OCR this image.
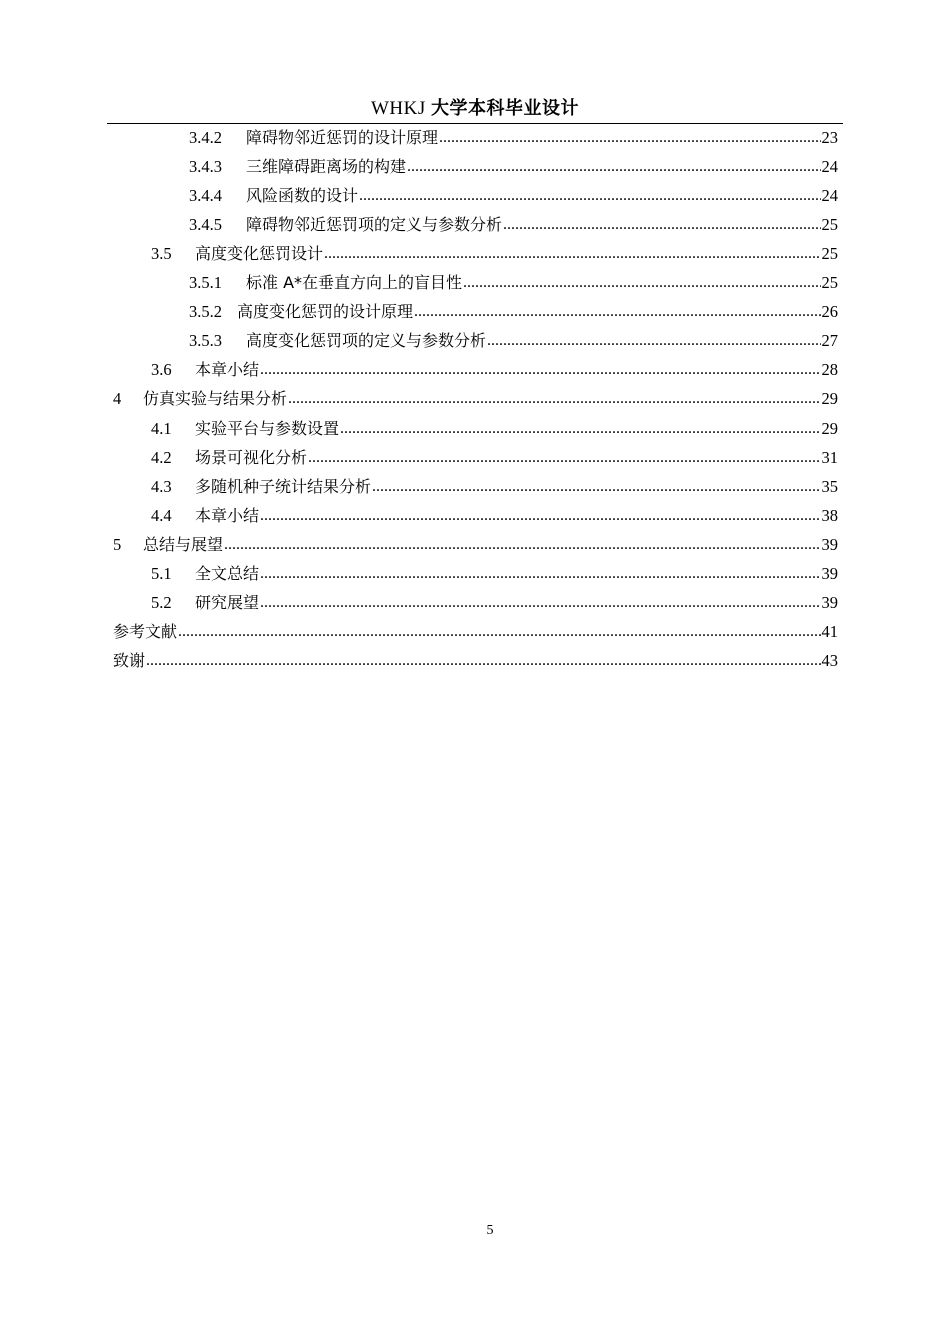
WHKJ 大学本科毕业设计
3.4.2	障碍物邻近惩罚的设计原理 .....	23
3.4.3	三维障碍距离场的构建 .....	24
3.4.4	风险函数的设计 .....	24
3.4.5	障碍物邻近惩罚项的定义与参数分析 .....	25
3.5	高度变化惩罚设计 .....	25
3.5.1	标准 A*在垂直方向上的盲目性 .....	25
3.5.2 高度变化惩罚的设计原理 .....	26
3.5.3	高度变化惩罚项的定义与参数分析 .....	27
3.6	本章小结 .....	28
4	仿真实验与结果分析 .....	29
4.1	实验平台与参数设置 .....	29
4.2	场景可视化分析 .....	31
4.3	多随机种子统计结果分析 .....	35
4.4	本章小结 .....	38
5	总结与展望 .....	39
5.1	全文总结 .....	39
5.2	研究展望 .....	39
参考文献 .....	41
致谢 .....	43
5
